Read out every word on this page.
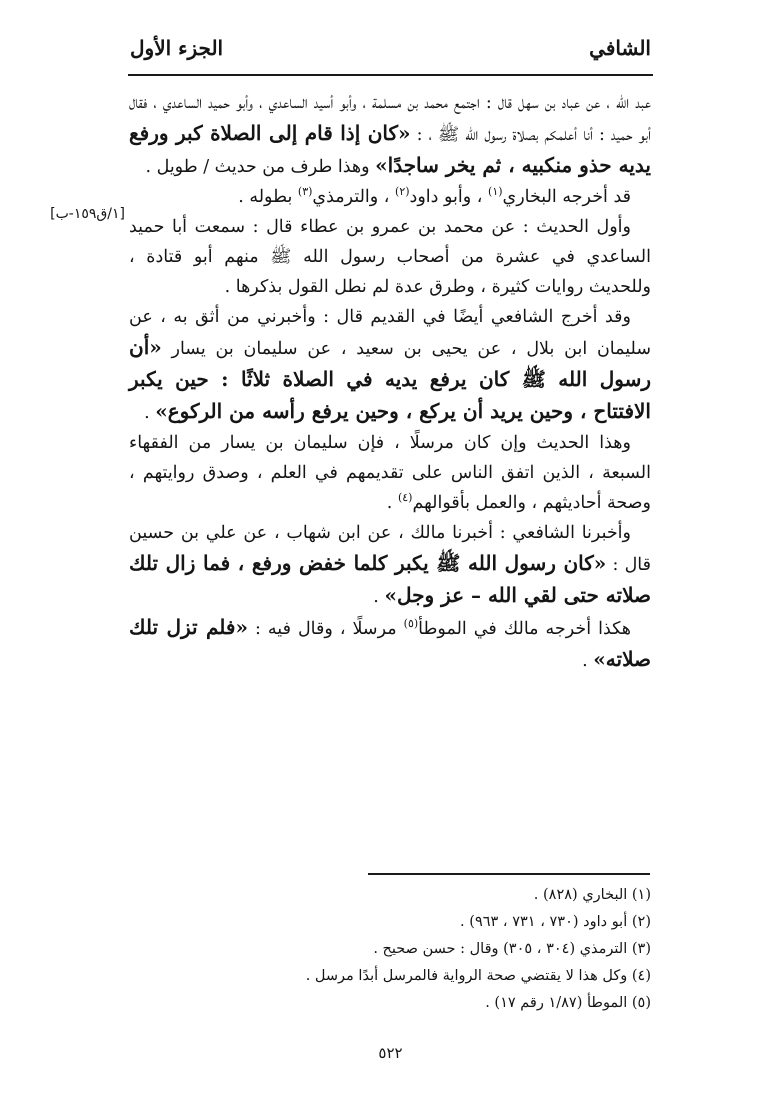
الشافي
الجزء الأول
[١/ق١٥٩-ب]

عبد الله ، عن عباد بن سهل قال : اجتمع محمد بن مسلمة ، وأبو أسيد الساعدي ، وأبو حميد الساعدي ، فقال أبو حميد : أنا أعلمكم بصلاة رسول الله ﷺ ، : «كان إذا قام إلى الصلاة كبر ورفع يديه حذو منكبيه ، ثم يخر ساجدًا» وهذا طرف من حديث / طويل .

قد أخرجه البخاري$^{(١)}$ ، وأبو داود$^{(٢)}$ ، والترمذي$^{(٣)}$ بطوله .

وأول الحديث : عن محمد بن عمرو بن عطاء قال : سمعت أبا حميد الساعدي في عشرة من أصحاب رسول الله ﷺ منهم أبو قتادة ، وللحديث روايات كثيرة ، وطرق عدة لم نطل القول بذكرها .

وقد أخرج الشافعي أيضًا في القديم قال : وأخبرني من أثق به ، عن سليمان ابن بلال ، عن يحيى بن سعيد ، عن سليمان بن يسار «أن رسول الله ﷺ كان يرفع يديه في الصلاة ثلاثًا : حين يكبر الافتتاح ، وحين يريد أن يركع ، وحين يرفع رأسه من الركوع» .

وهذا الحديث وإن كان مرسلًا ، فإن سليمان بن يسار من الفقهاء السبعة ، الذين اتفق الناس على تقديمهم في العلم ، وصدق روايتهم ، وصحة أحاديثهم ، والعمل بأقوالهم$^{(٤)}$ .

وأخبرنا الشافعي : أخبرنا مالك ، عن ابن شهاب ، عن علي بن حسين قال : «كان رسول الله ﷺ يكبر كلما خفض ورفع ، فما زال تلك صلاته حتى لقي الله – عز وجل» .

هكذا أخرجه مالك في الموطأ$^{(٥)}$ مرسلًا ، وقال فيه : «فلم تزل تلك صلاته» .

(١) البخاري (٨٢٨) .

(٢) أبو داود (٧٣٠ ، ٧٣١ ، ٩٦٣) .

(٣) الترمذي (٣٠٤ ، ٣٠٥) وقال : حسن صحيح .

(٤) وكل هذا لا يقتضي صحة الرواية فالمرسل أبدًا مرسل .

(٥) الموطأ (١/٨٧ رقم ١٧) .

٥٢٢
